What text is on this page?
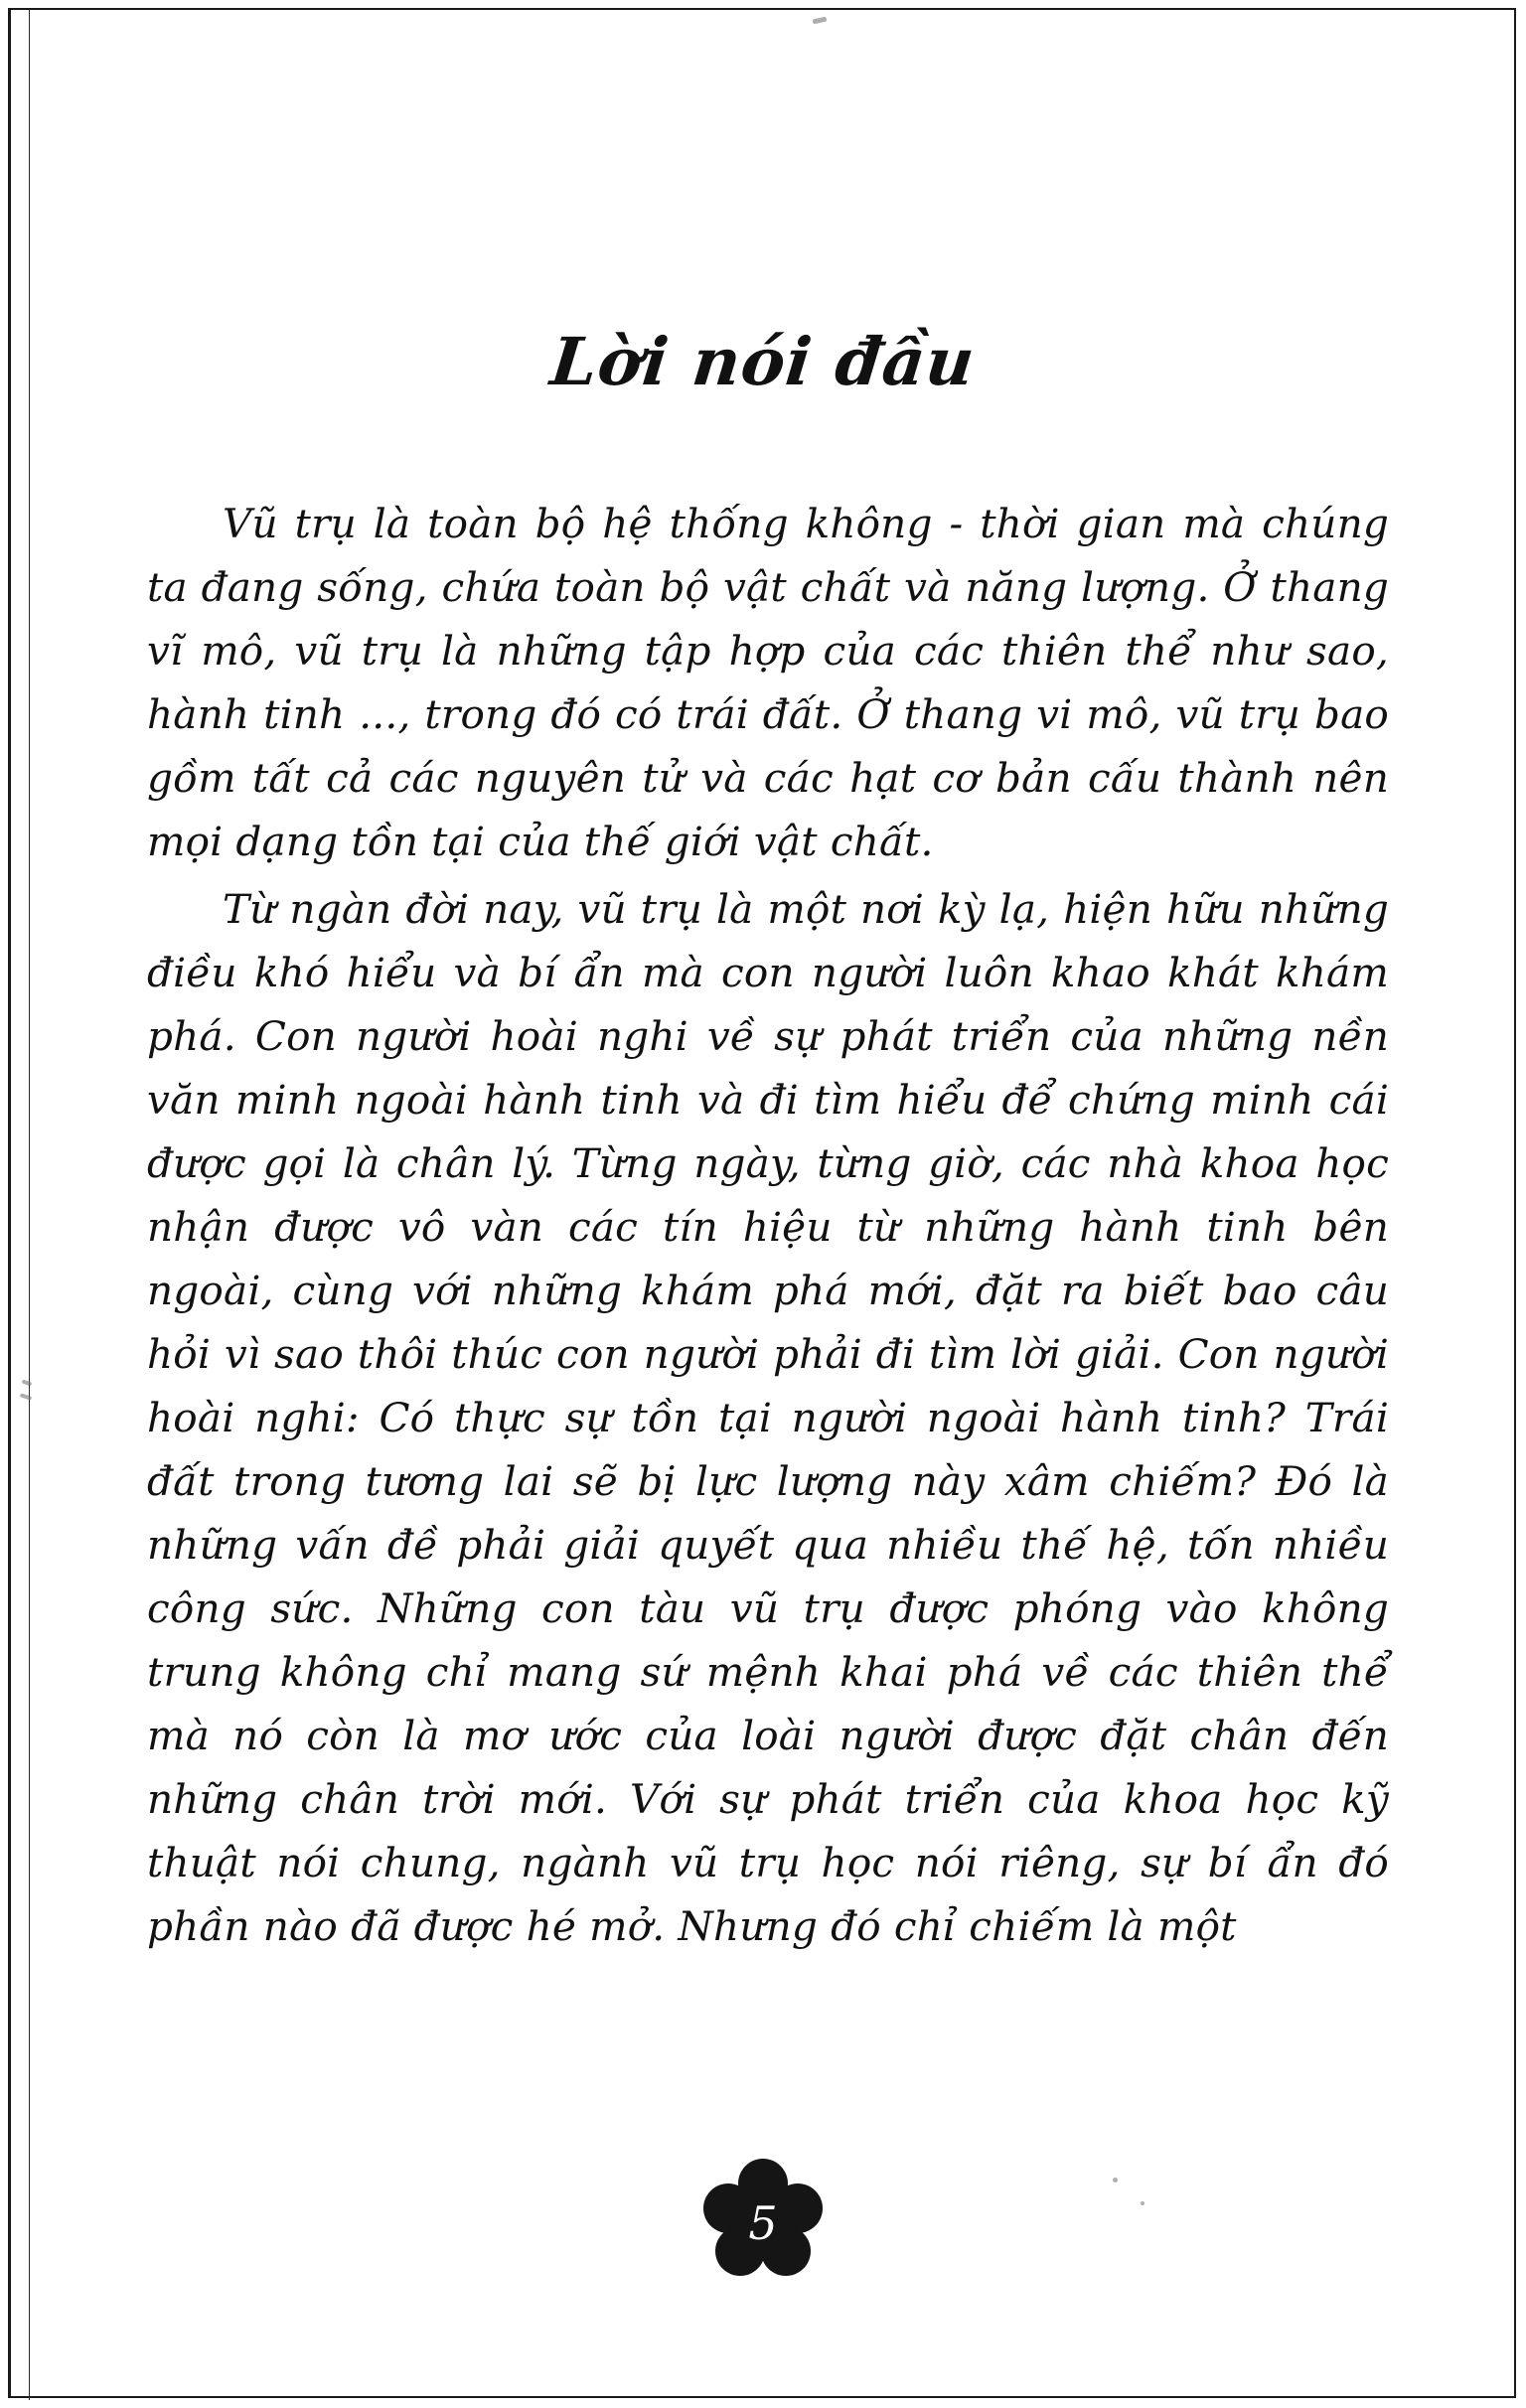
Lời nói đầu

Vũ trụ là toàn bộ hệ thống không - thời gian mà chúng ta đang sống, chứa toàn bộ vật chất và năng lượng. Ở thang vĩ mô, vũ trụ là những tập hợp của các thiên thể như sao, hành tinh ..., trong đó có trái đất. Ở thang vi mô, vũ trụ bao gồm tất cả các nguyên tử và các hạt cơ bản cấu thành nên mọi dạng tồn tại của thế giới vật chất.

Từ ngàn đời nay, vũ trụ là một nơi kỳ lạ, hiện hữu những điều khó hiểu và bí ẩn mà con người luôn khao khát khám phá. Con người hoài nghi về sự phát triển của những nền văn minh ngoài hành tinh và đi tìm hiểu để chứng minh cái được gọi là chân lý. Từng ngày, từng giờ, các nhà khoa học nhận được vô vàn các tín hiệu từ những hành tinh bên ngoài, cùng với những khám phá mới, đặt ra biết bao câu hỏi vì sao thôi thúc con người phải đi tìm lời giải. Con người hoài nghi: Có thực sự tồn tại người ngoài hành tinh? Trái đất trong tương lai sẽ bị lực lượng này xâm chiếm? Đó là những vấn đề phải giải quyết qua nhiều thế hệ, tốn nhiều công sức. Những con tàu vũ trụ được phóng vào không trung không chỉ mang sứ mệnh khai phá về các thiên thể mà nó còn là mơ ước của loài người được đặt chân đến những chân trời mới. Với sự phát triển của khoa học kỹ thuật nói chung, ngành vũ trụ học nói riêng, sự bí ẩn đó phần nào đã được hé mở. Nhưng đó chỉ chiếm là một

5
